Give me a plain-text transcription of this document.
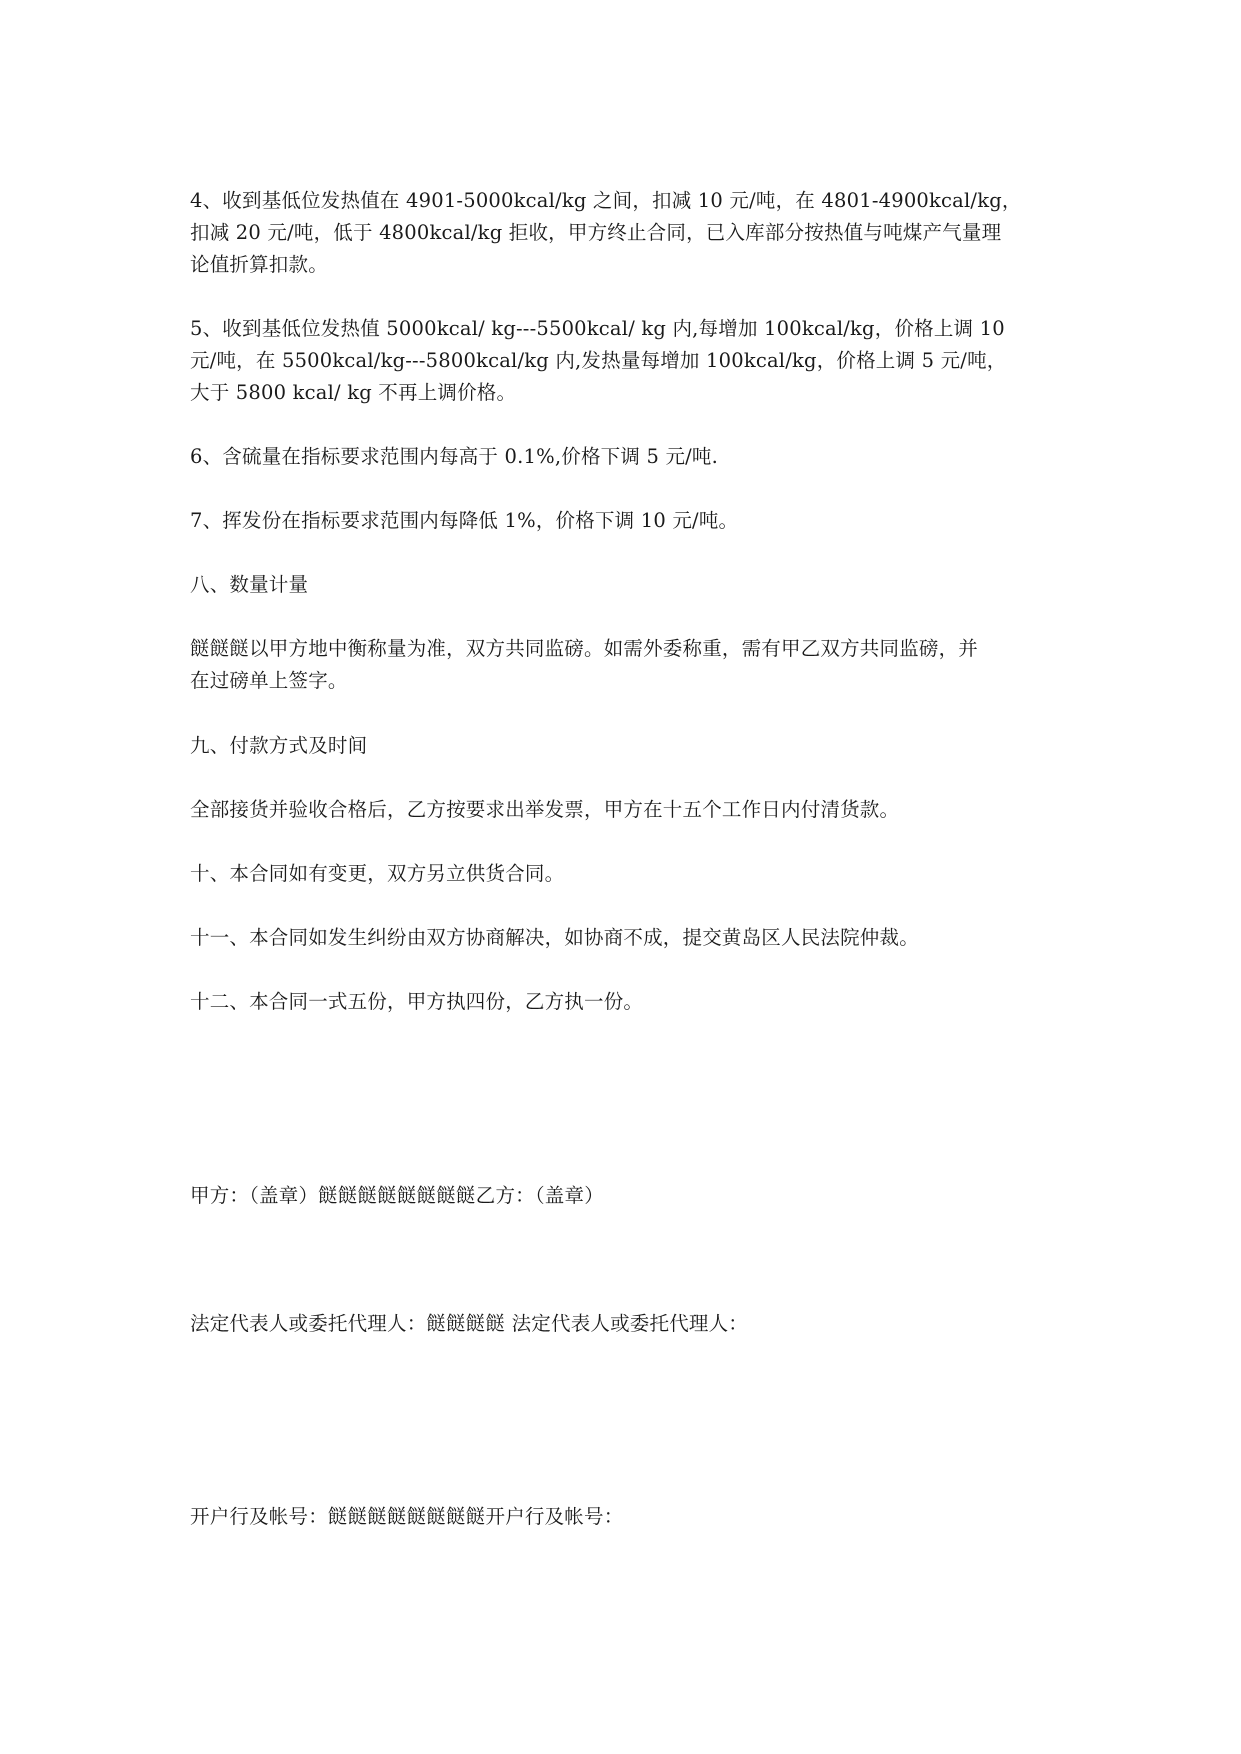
4、收到基低位发热值在 4901-5000kcal/kg 之间，扣减 10 元/吨，在 4801-4900kcal/kg，
扣减 20 元/吨，低于 4800kcal/kg 拒收，甲方终止合同，已入库部分按热值与吨煤产气量理
论值折算扣款。
5、收到基低位发热值 5000kcal/ kg---5500kcal/ kg 内,每增加 100kcal/kg，价格上调 10
元/吨，在 5500kcal/kg---5800kcal/kg 内,发热量每增加 100kcal/kg，价格上调 5 元/吨，
大于 5800 kcal/ kg 不再上调价格。
6、含硫量在指标要求范围内每高于 0.1%,价格下调 5 元/吨.
7、挥发份在指标要求范围内每降低 1%，价格下调 10 元/吨。
八、数量计量
餸餸餸以甲方地中衡称量为准，双方共同监磅。如需外委称重，需有甲乙双方共同监磅，并
在过磅单上签字。
九、付款方式及时间
全部接货并验收合格后，乙方按要求出举发票，甲方在十五个工作日内付清货款。
十、本合同如有变更，双方另立供货合同。
十一、本合同如发生纠纷由双方协商解决，如协商不成，提交黄岛区人民法院仲裁。
十二、本合同一式五份，甲方执四份，乙方执一份。
甲方：（盖章）餸餸餸餸餸餸餸餸乙方：（盖章）
法定代表人或委托代理人：餸餸餸餸 法定代表人或委托代理人：
开户行及帐号：餸餸餸餸餸餸餸餸开户行及帐号：
